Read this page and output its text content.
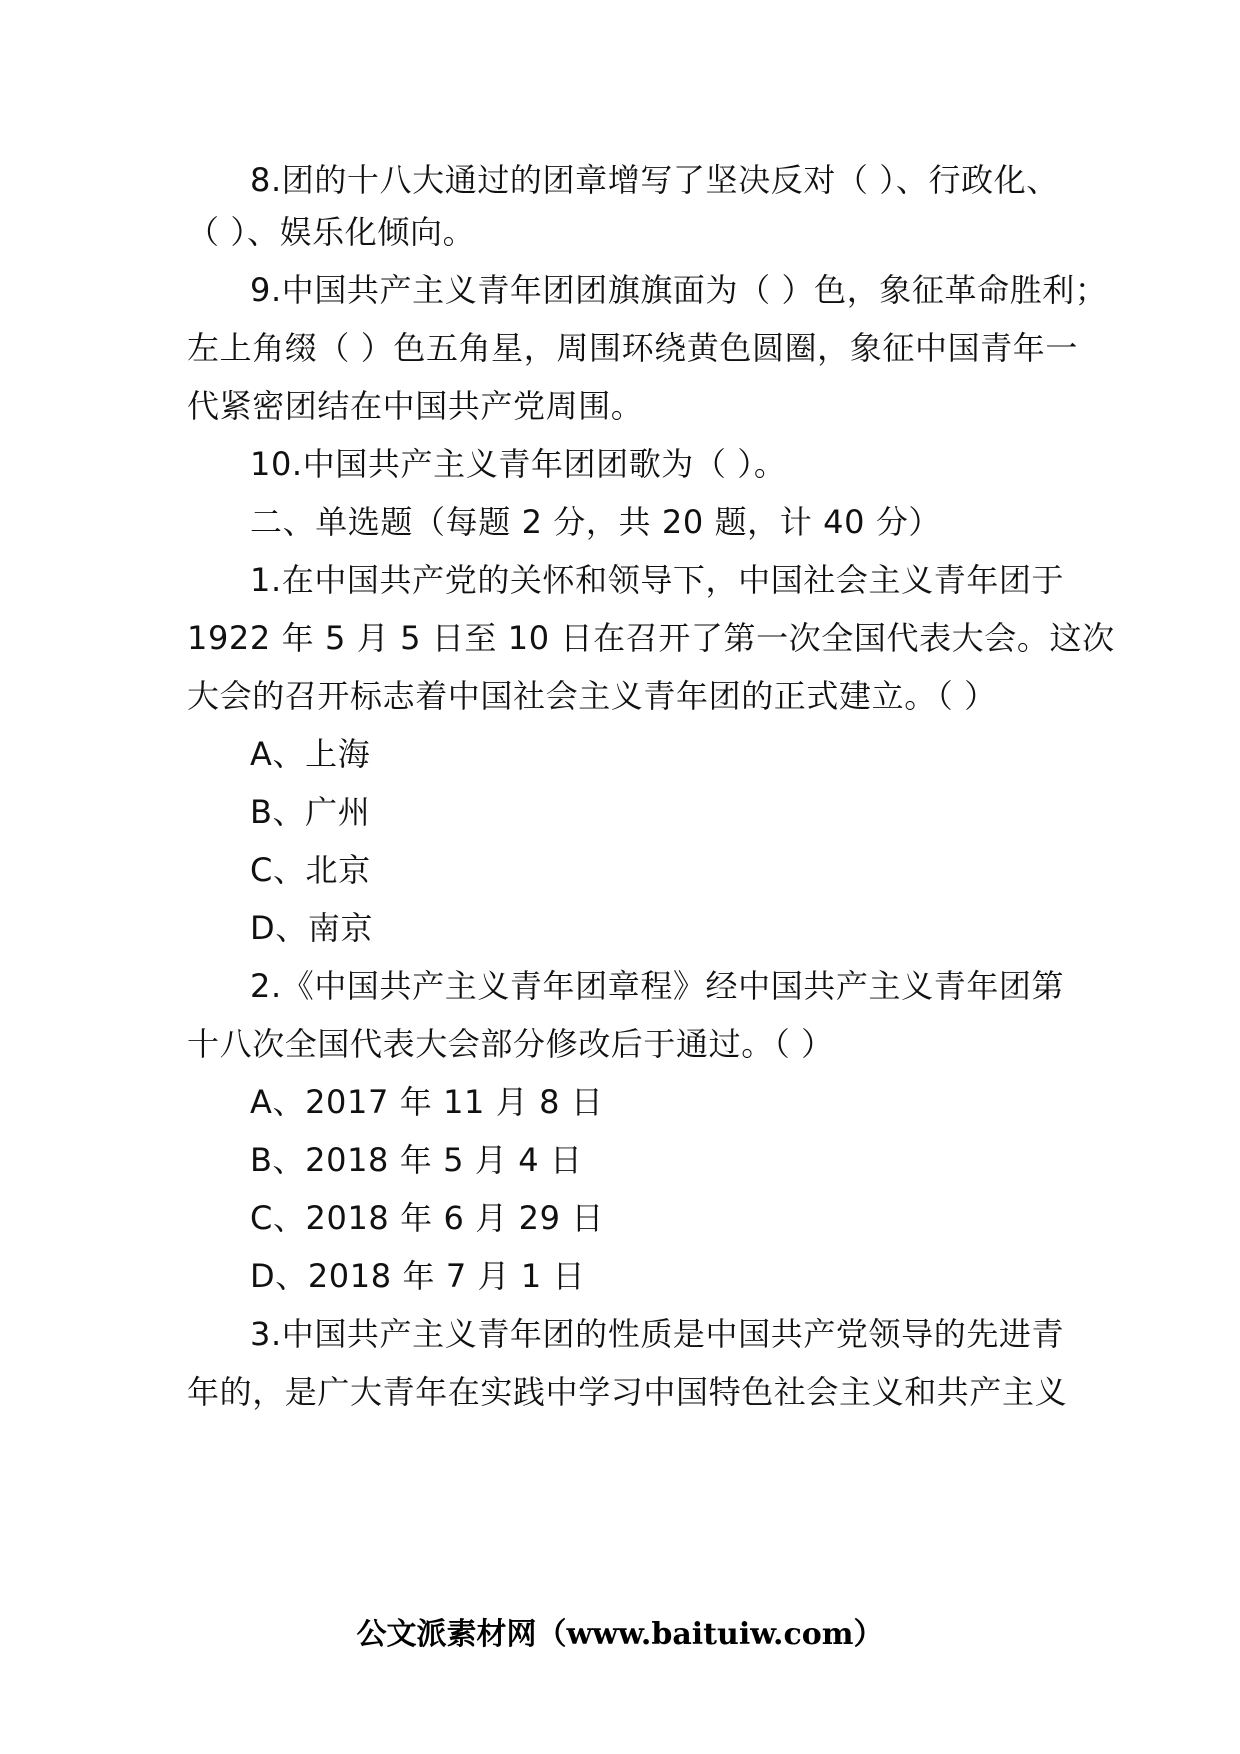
8.团的十八大通过的团章增写了坚决反对（ ）、行政化、
（ ）、娱乐化倾向。
9.中国共产主义青年团团旗旗面为（ ）色，象征革命胜利；
左上角缀（ ）色五角星，周围环绕黄色圆圈，象征中国青年一
代紧密团结在中国共产党周围。
10.中国共产主义青年团团歌为（ ）。
二、单选题（每题 2 分，共 20 题，计 40 分）
1.在中国共产党的关怀和领导下，中国社会主义青年团于
1922 年 5 月 5 日至 10 日在召开了第一次全国代表大会。这次
大会的召开标志着中国社会主义青年团的正式建立。（ ）
A、上海
B、广州
C、北京
D、南京
2.《中国共产主义青年团章程》经中国共产主义青年团第
十八次全国代表大会部分修改后于通过。（ ）
A、2017 年 11 月 8 日
B、2018 年 5 月 4 日
C、2018 年 6 月 29 日
D、2018 年 7 月 1 日
3.中国共产主义青年团的性质是中国共产党领导的先进青
年的，是广大青年在实践中学习中国特色社会主义和共产主义
公文派素材网（www.baituiw.com）
